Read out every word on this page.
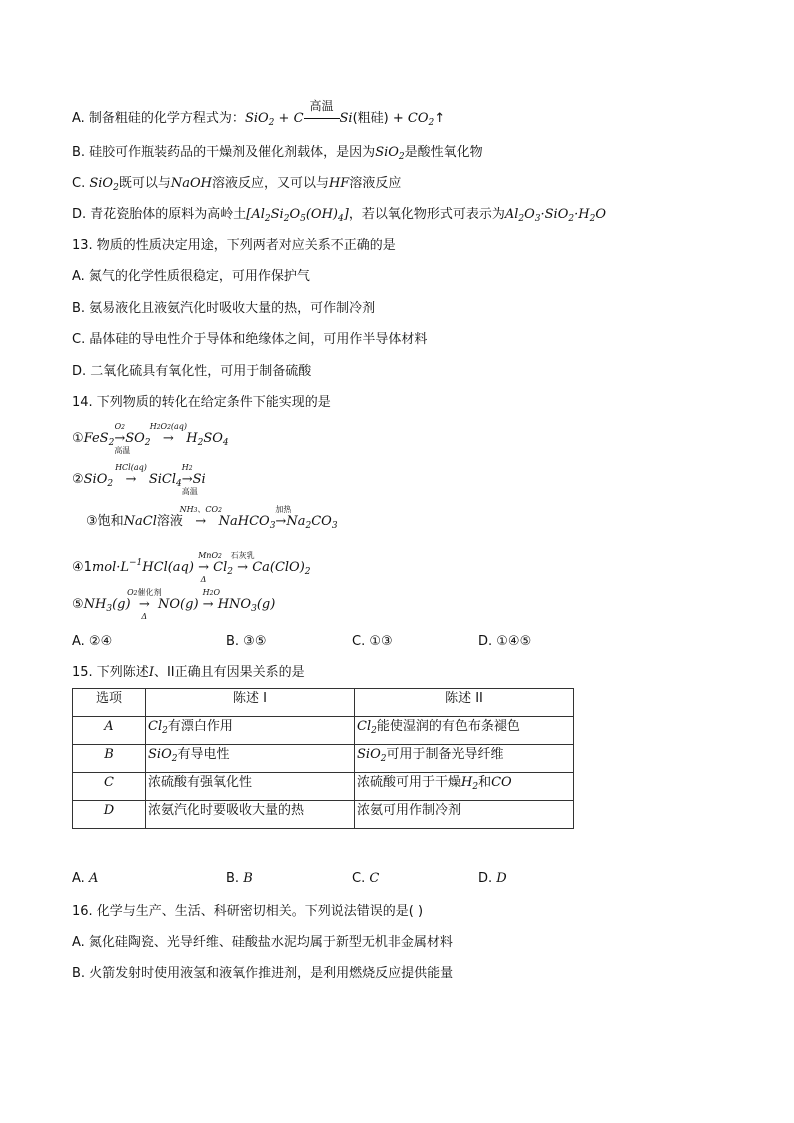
A. 制备粗硅的化学方程式为：SiO$_2$ + C
高温
Si(粗硅) + $CO_2↑$
B. 硅胶可作瓶装药品的干燥剂及催化剂载体，是因为SiO$_2$是酸性氧化物
C. SiO$_2$既可以与NaOH溶液反应，又可以与HF溶液反应
D. 青花瓷胎体的原料为高岭土$[Al_2Si_2O_5(OH)_4]$，若以氧化物形式可表示为$Al_2O_3\cdot SiO_2\cdot H_2O$
13. 物质的性质决定用途，下列两者对应关系不正确的是
A. 氮气的化学性质很稳定，可用作保护气
B. 氨易液化且液氨汽化时吸收大量的热，可作制冷剂
C. 晶体硅的导电性介于导体和绝缘体之间，可用作半导体材料
D. 二氧化硫具有氧化性，可用于制备硫酸
14. 下列物质的转化在给定条件下能实现的是
①FeS$_2$
O2
→
高温
$SO_2$
H2O2(aq)
→   $H_2SO_4$
②SiO$_2$
HCl(aq)
→   SiCl$_4$
H2
→
高温
Si
③饱和NaCl溶液
NH3、CO2
→   NaHCO$_3$
加热
$\to Na_2CO_3$
$④1mol\cdot L^{-1}HCl(aq)$
MnO2
→
Δ
$Cl_2$
石灰乳
→ $Ca(ClO)_2$
$⑤NH_3(g)$
O2催化剂
→
Δ
NO(g)
H2O
→ $HNO_3(g)$
A. ②④	B. ③⑤	C. ①③	D. ①④⑤
15. 下列陈述I、II正确且有因果关系的是
选项	陈述 I	陈述 II
A	$Cl_2$有漂白作用	$Cl_2$能使湿润的有色布条褪色
B	SiO$_2$有导电性	SiO$_2$可用于制备光导纤维
C	浓硫酸有强氧化性	浓硫酸可用于干燥$H_2$和CO
D	浓氨汽化时要吸收大量的热	浓氨可用作制冷剂
A. A	B. B	C. C	D. D
16. 化学与生产、生活、科研密切相关。下列说法错误的是( )
A. 氮化硅陶瓷、光导纤维、硅酸盐水泥均属于新型无机非金属材料
B. 火箭发射时使用液氢和液氧作推进剂，是利用燃烧反应提供能量
